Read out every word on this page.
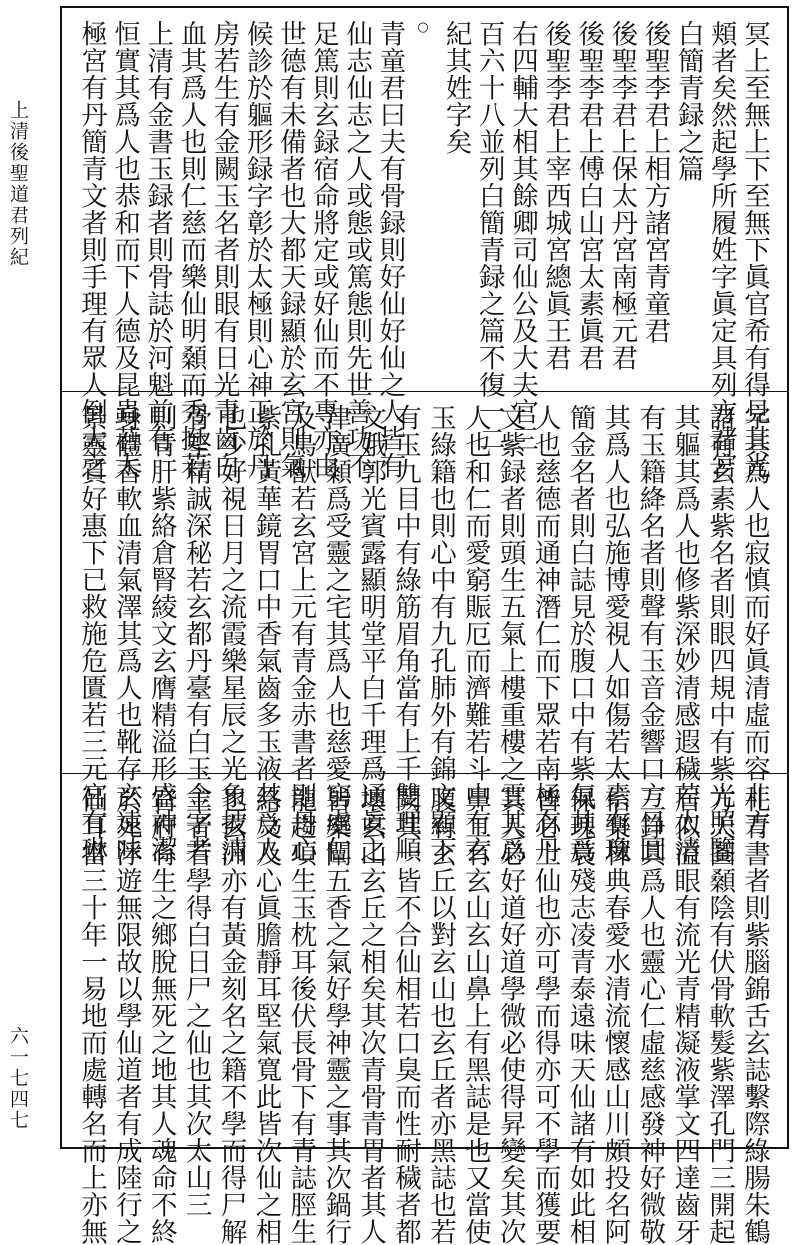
上清後聖道君列紀
六一七四七
冥上至無上下至無下眞官希有得見其光
頬者矣然起學所履姓字眞定具列方諸宮
白簡青録之篇
後聖李君上相方諸宮青童君
後聖李君上保太丹宮南極元君
後聖李君上傅白山宮太素眞君
後聖李君上宰西城宮總眞王君
右四輔大相其餘卿司仙公及大夫官三
百六十八並列白簡青録之篇不復一二
紀其姓字矣
○
青童君曰夫有骨録則好仙好仙之人皆有
仙志仙志之人或態或篤態則先世善功不
足篤則玄録宿命將定或好仙而不專亦由
世德有未備者也大都天録顯於玄宮則氣
候診於軀形録字彰於太極則心神正於丹
房若生有金闕玉名者則眼有日光青齒白
血其爲人也則仁慈而樂仙明顙而秀挺若
上清有金書玉録者則骨誌於河魁前有
恒實其爲人也恭和而下人德及昆蟲若太
極宮有丹簡青文者則手理有眾人倒大之
字其爲人也寂慎而好眞清虛而容非方
諸有玄素紫名者則眼四規中有紫光照鑒
其軀其爲人也修紫深妙清感遐穢若太清
有玉籍絳名者則聲有玉音金響口方目圓
其爲人也弘施博愛視人如傷若太素有瓊
簡金名者則白誌見於腹口中有紫氣其爲
人也慈德而通神潛仁而下眾若南極有丹
文紫録者則頭生五氣上樓重樓之雲其爲
人也和仁而愛窮賑厄而濟難若斗中有玄
玉綠籍也則心中有九孔肺外有錦文顯下
有玉九目中有綠筋眉角當有上千雙理順
文娥郭光賓露顯明堂平白千理爲通眞之
津廣顙爲受靈之宅其爲人也慈愛窮處仁
及鳥獸若玄宮上元有青金赤書者則丹心
紫孔黃華鏡胃口中香氣齒多玉液其爲人
也少好視日月之流霞樂星辰之光象披清
骨堅精誠深秘若玄都丹臺有白玉金字者
則青肝紫絡倉腎綾文玄膺精溢形盛神潔
身體香軟血清氣澤其爲人也靴存玄遠味
景靈質好惠下已救施危匱若三元宮有琳
札青書者則紫腦錦舌玄誌繫際綠腸朱鶴
方天圓顙陰有伏骨軟髮紫澤孔門三開起
居似溢眼有流光青精凝液掌文四達齒牙
三錚其爲人也靈心仁虛慈感發神好微敬
信樂林典春愛水清流懷感山川頗投名阿
保瑰蓑殘志凌青泰遠味天仙諸有如此相
皆必上仙也亦可學而得亦可不學而獲要
其人必好道好道學微必使得昇變矣其次
鼻工有玄山玄山鼻上有黑誌是也又當使
腹有玄丘以對玄山也玄丘者亦黑誌也若
闕其一皆不合仙相若口臭而性耐穢者都
壞玄山玄丘之相矣其次青骨青胃者其人
皆樂闡五香之氣好學神靈之事其次鍋行
龍趨項生玉枕耳後伏長骨下有青誌脛生
絡文及心眞膽靜耳堅氣寬此皆次仙之相
也玄洲亦有黃金刻名之籍不學而得尸解
主者若學得白日尸之仙也其次太山三
官府有生之鄉脫無死之地其人魂命不終
於死浮遊無限故以學仙道者有成陸行之
仙耳當三十年一易地而處轉名而上亦無
